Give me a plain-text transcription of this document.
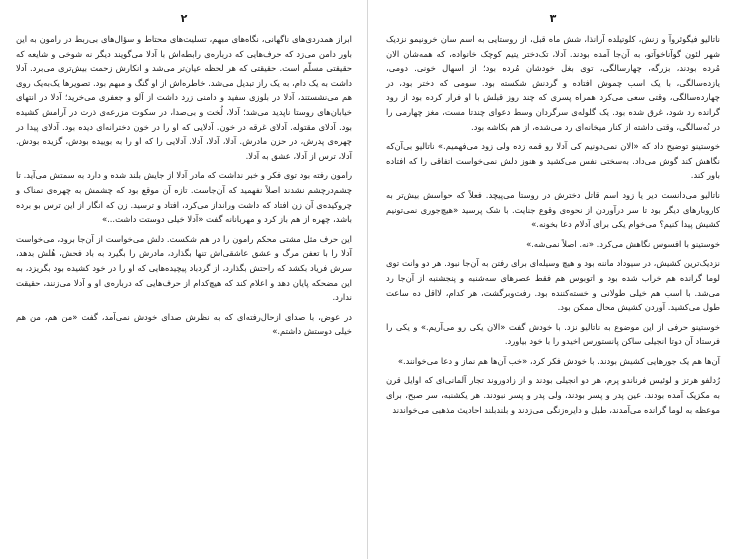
۲

ابراز همدردی‌های ناگهانی، نگاه‌های مبهم، تسلیت‌های محتاط و سؤال‌های بی‌ربط در رامون به این باور دامن می‌زد که حرف‌هایی که درباره‌ی رابطه‌اش با آدلا می‌گویند دیگر نه شوخی و شایعه که حقیقتی مسلّم است. حقیقتی که هر لحظه عیان‌تر می‌شد و انکارش زحمت بیش‌تری می‌برد. آدلا داشت به یک دام، به یک راز تبدیل می‌شد. خاطره‌اش از او گنگ و مبهم بود. تصویرها یک‌به‌یک روی هم می‌نشستند، آدلا در بلوزی سفید و دامنی زرد داشت از آلو و جعفری می‌خرید؛ آدلا در انتهای خیابان‌های روستا ناپدید می‌شد؛ آدلا، لُخت و بی‌صدا، در سکوت مزرعه‌ی ذرت در آرامش کشیده بود. آدلای مقتوله. آدلای غرقه در خون. آدلایی که او را در خون دخترانه‌ای دیده بود. آدلای پیدا در چهره‌ی پدرش، در حزن مادرش. آدلا، آدلا، آدلا. آدلایی را که او را به بوییده بودش، گزیده بودش. آدلا، ترس از آدلا، عشق به آدلا.

رامون رفته بود توی فکر و خبر نداشت که مادر آدلا از جایش بلند شده و دارد به سمتش می‌آید. تا چشم‌درچشم نشدند اصلاً نفهمید که آن‌جاست. تازه آن موقع بود که چشمش به چهره‌ی نمناک و چروکیده‌ی آن زن افتاد که داشت ورانداز می‌کرد، افتاد و ترسید. زن که انگار از این ترس بو برده باشد، چهره از هم باز کرد و مهربانانه گفت «آدلا خیلی دوستت داشت...»

این حرف مثل مشتی محکم رامون را در هم شکست. دلش می‌خواست از آن‌جا برود، می‌خواست آدلا را با تعفن مرگ و عشق عاشقی‌اش تنها بگذارد، مادرش را بگیرد به باد فحش، هُلش بدهد، سرش فریاد بکشد که راحتش بگذارد، از گردباد پیچیده‌هایی که او را در خود کشیده بود بگریزد، به این مضحکه پایان دهد و اعلام کند که هیچ‌کدام از حرف‌هایی که درباره‌ی او و آدلا می‌زنند، حقیقت ندارد.

در عوض، با صدای ازحال‌رفته‌ای که به نظرش صدای خودش نمی‌آمد، گفت «من هم، من هم خیلی دوستش داشتم.»

۳

ناتالیو فیگوئروآ و زنش، کلوتیلده آرانذا، شش ماه قبل، از روستایی به اسم سان خرونیمو نزدیک شهر لئون گوآناخوآتو، به آن‌جا آمده بودند. آدلا، تک‌دختر یتیم کوچک خانواده، که همه‌شان الان مُرده بودند، بزرگه، چهارسالگی، توی بغل خودشان مُرده بود؛ از اسهال خونی. دومی، یازده‌سالگی، با یک اسب چموش افتاده و گردنش شکسته بود. سومی که دختر بود، در چهارده‌سالگی، وقتی سعی می‌کرد همراه پسری که چند روز قبلش با او فرار کرده بود از رود گرانده رد شود، غرق شده بود. یک گلوله‌ی سرگردان وسط دعوای چندتا مست، مغز چهارمی را در نُه‌سالگی، وقتی داشته از کنار میخانه‌ای رد می‌شده، از هم بکاشه بود.

خوستینو توضیح داد که «الان نمی‌دونیم کی آدلا رو قمه زده ولی زود می‌فهمیم.» ناتالیو بی‌آن‌که نگاهش کند گوش می‌داد. به‌سختی نفس می‌کشید و هنوز دلش نمی‌خواست اتفاقی را که افتاده باور کند.

ناتالیو می‌دانست دیر یا زود اسم قاتل دخترش در روستا می‌پیچد. فعلاً که حواسش بیش‌تر به کاروبارهای دیگر بود تا سر درآوردن از نحوه‌ی وقوع جنایت. با شک پرسید «هیچ‌جوری نمی‌تونیم کشیش پیدا کنیم؟ می‌خوام یکی برای آدلام دعا بخونه.»

خوستینو با افسوس نگاهش می‌کرد. «نه. اصلاً نمی‌شه.»

نزدیک‌ترین کشیش، در سیوداد ماننه بود و هیچ وسیله‌ای برای رفتن به آن‌جا نبود. هر دو وانت توی لوما گرانده هم خراب شده بود و اتوبوس هم فقط عصرهای سه‌شنبه و پنجشنبه از آن‌جا رد می‌شد. با اسب هم خیلی طولانی و خسته‌کننده بود. رفت‌وبرگشت، هر کدام، لااقل ده ساعت طول می‌کشید. آوردن کشیش محال ممکن بود.

خوستینو حرفی از این موضوع به ناتالیو نزد. با خودش گفت «الان یکی رو می‌آریم.» و یکی را فرستاد آن دوتا انجیلی ساکن پانستورس اخیدو را با خود بیاورد.

آن‌ها هم یک جورهایی کشیش بودند. با خودش فکر کرد، «خب آن‌ها هم نماز و دعا می‌خوانند.»

رُدلفو هرتز و لوئیس فرناندو پرم، هر دو انجیلی بودند و از زادوروند تجار آلمانی‌ای که اوایل قرن به مکزیک آمده بودند. عین پدر و پسر بودند، ولی پدر و پسر نبودند. هر یکشنبه، سر صبح، برای موعظه به لوما گرانده می‌آمدند، طبل و دایره‌زنگی می‌زدند و بلندبلند احادیث مذهبی می‌خواندند
